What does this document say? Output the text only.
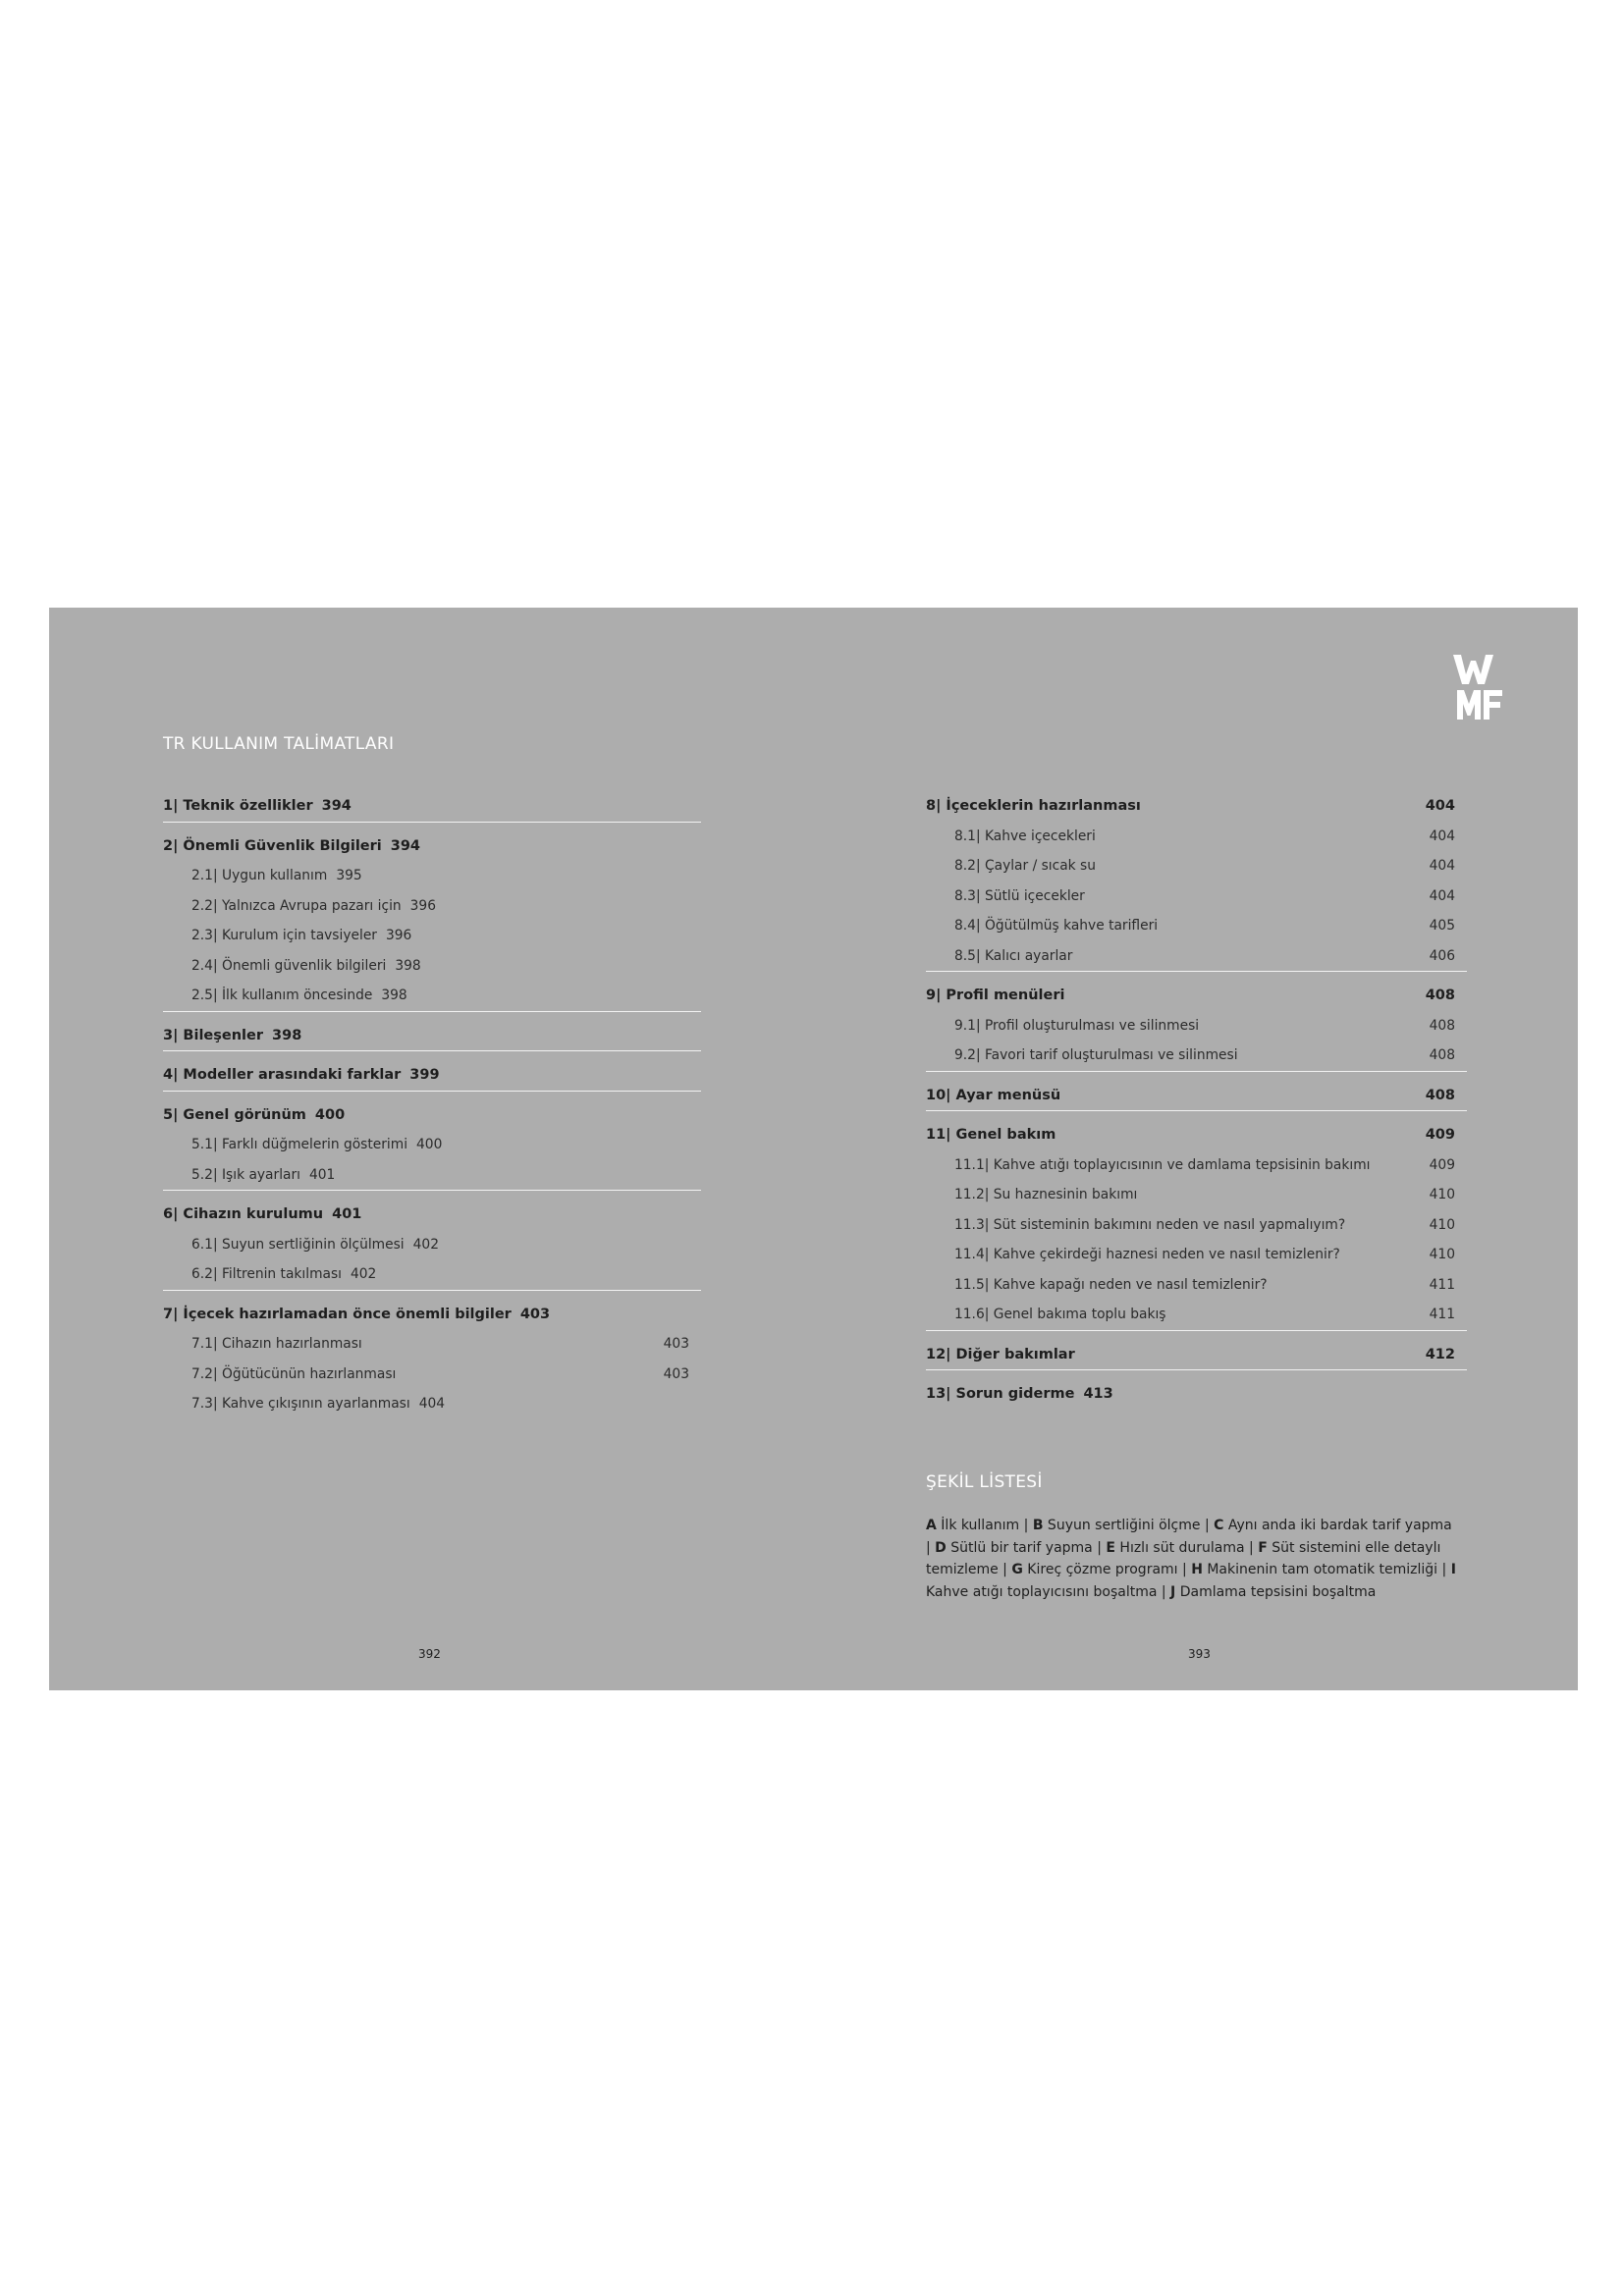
TR KULLANIM TALİMATLARI
1| Teknik özellikler 394
2| Önemli Güvenlik Bilgileri 394
2.1| Uygun kullanım 395
2.2| Yalnızca Avrupa pazarı için 396
2.3| Kurulum için tavsiyeler 396
2.4| Önemli güvenlik bilgileri 398
2.5| İlk kullanım öncesinde 398
3| Bileşenler 398
4| Modeller arasındaki farklar 399
5| Genel görünüm 400
5.1| Farklı düğmelerin gösterimi 400
5.2| Işık ayarları 401
6| Cihazın kurulumu 401
6.1| Suyun sertliğinin ölçülmesi 402
6.2| Filtrenin takılması 402
7| İçecek hazırlamadan önce önemli bilgiler 403
7.1| Cihazın hazırlanması	403
7.2| Öğütücünün hazırlanması	403
7.3| Kahve çıkışının ayarlanması 404
8| İçeceklerin hazırlanması	404
8.1| Kahve içecekleri	404
8.2| Çaylar / sıcak su	404
8.3| Sütlü içecekler	404
8.4| Öğütülmüş kahve tarifleri	405
8.5| Kalıcı ayarlar	406
9| Profil menüleri	408
9.1| Profil oluşturulması ve silinmesi	408
9.2| Favori tarif oluşturulması ve silinmesi	408
10| Ayar menüsü	408
11| Genel bakım	409
11.1| Kahve atığı toplayıcısının ve damlama tepsisinin bakımı	409
11.2| Su haznesinin bakımı	410
11.3| Süt sisteminin bakımını neden ve nasıl yapmalıyım?	410
11.4| Kahve çekirdeği haznesi neden ve nasıl temizlenir?	410
11.5| Kahve kapağı neden ve nasıl temizlenir?	411
11.6| Genel bakıma toplu bakış	411
12| Diğer bakımlar	412
13| Sorun giderme 413
ŞEKİL LİSTESİ
A İlk kullanım | B Suyun sertliğini ölçme | C Aynı anda iki bardak tarif yapma | D Sütlü bir tarif yapma | E Hızlı süt durulama | F Süt sistemini elle detaylı temizleme | G Kireç çözme programı | H Makinenin tam otomatik temizliği | I Kahve atığı toplayıcısını boşaltma | J Damlama tepsisini boşaltma
392	393
